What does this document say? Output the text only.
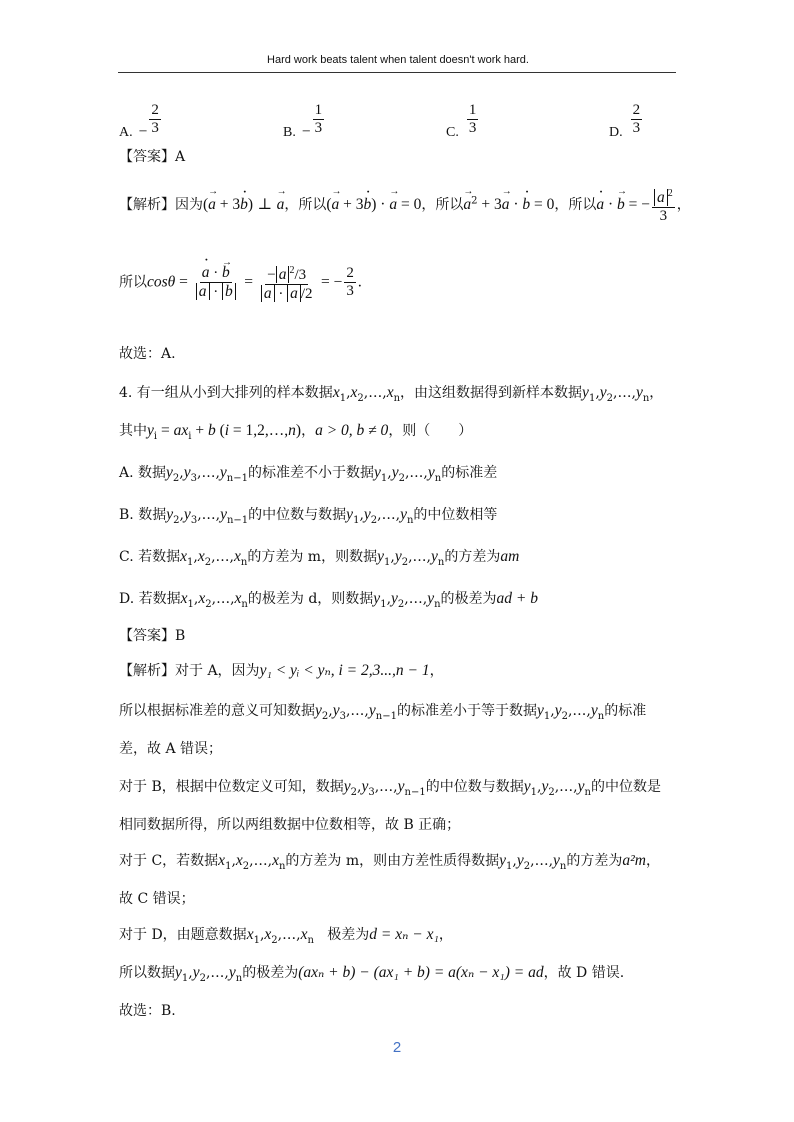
Hard work beats talent when talent doesn't work hard.
A. − $\frac{2}{3}$	B. − $\frac{1}{3}$	C. $\frac{1}{3}$	D. $\frac{2}{3}$
【答案】A
【解析】因为(a → + 3b ·) ⊥ a →，所以(a → + 3b ·) · a → = 0，所以a →$^2$ + 3a → · b · = 0，所以a · · b → = − $\frac{a ^2}{3}$ ，
所以$\cos\theta = \frac{a \cdot \cdot b \to}{a \cdot b} = \frac{- a ^2/3}{a \cdot a /2}$ = − $\frac{2}{3}$ .
故选：A.
4. 有一组从小到大排列的样本数据$x_1,x_2,\dots,x_n$，由这组数据得到新样本数据$y_1,y_2,\dots,y_n$，
其中$y_i = ax_i + b$ (i = 1,2,…,n)，a > 0, b ≠ 0，则（　　）
A. 数据$y_2,y_3,\dots,y_{n-1}$的标准差不小于数据$y_1,y_2,\dots,y_n$的标准差
B. 数据$y_2,y_3,\dots,y_{n-1}$的中位数与数据$y_1,y_2,\dots,y_n$的中位数相等
C. 若数据$x_1,x_2,\dots,x_n$的方差为 m，则数据$y_1,y_2,\dots,y_n$的方差为am
D. 若数据$x_1,x_2,\dots,x_n$的极差为 d，则数据$y_1,y_2,\dots,y_n$的极差为ad + b
【答案】B
【解析】对于 A，因为y₁ < yᵢ < yₙ, i = 2,3...,n − 1，
所以根据标准差的意义可知数据$y_2,y_3,\dots,y_{n-1}$的标准差小于等于数据$y_1,y_2,\dots,y_n$的标准
差，故 A 错误；
对于 B，根据中位数定义可知，数据$y_2,y_3,\dots,y_{n-1}$的中位数与数据$y_1,y_2,\dots,y_n$的中位数是
相同数据所得，所以两组数据中位数相等，故 B 正确；
对于 C，若数据$x_1,x_2,\dots,x_n$的方差为 m，则由方差性质得数据$y_1,y_2,\dots,y_n$的方差为a²m，
故 C 错误；
对于 D，由题意数据$x_1,x_2,\dots,x_n$ 极差为d = xₙ − x₁，
所以数据$y_1,y_2,\dots,y_n$的极差为(axₙ + b) − (ax₁ + b) = a(xₙ − x₁) = ad，故 D 错误.
故选：B.
2
